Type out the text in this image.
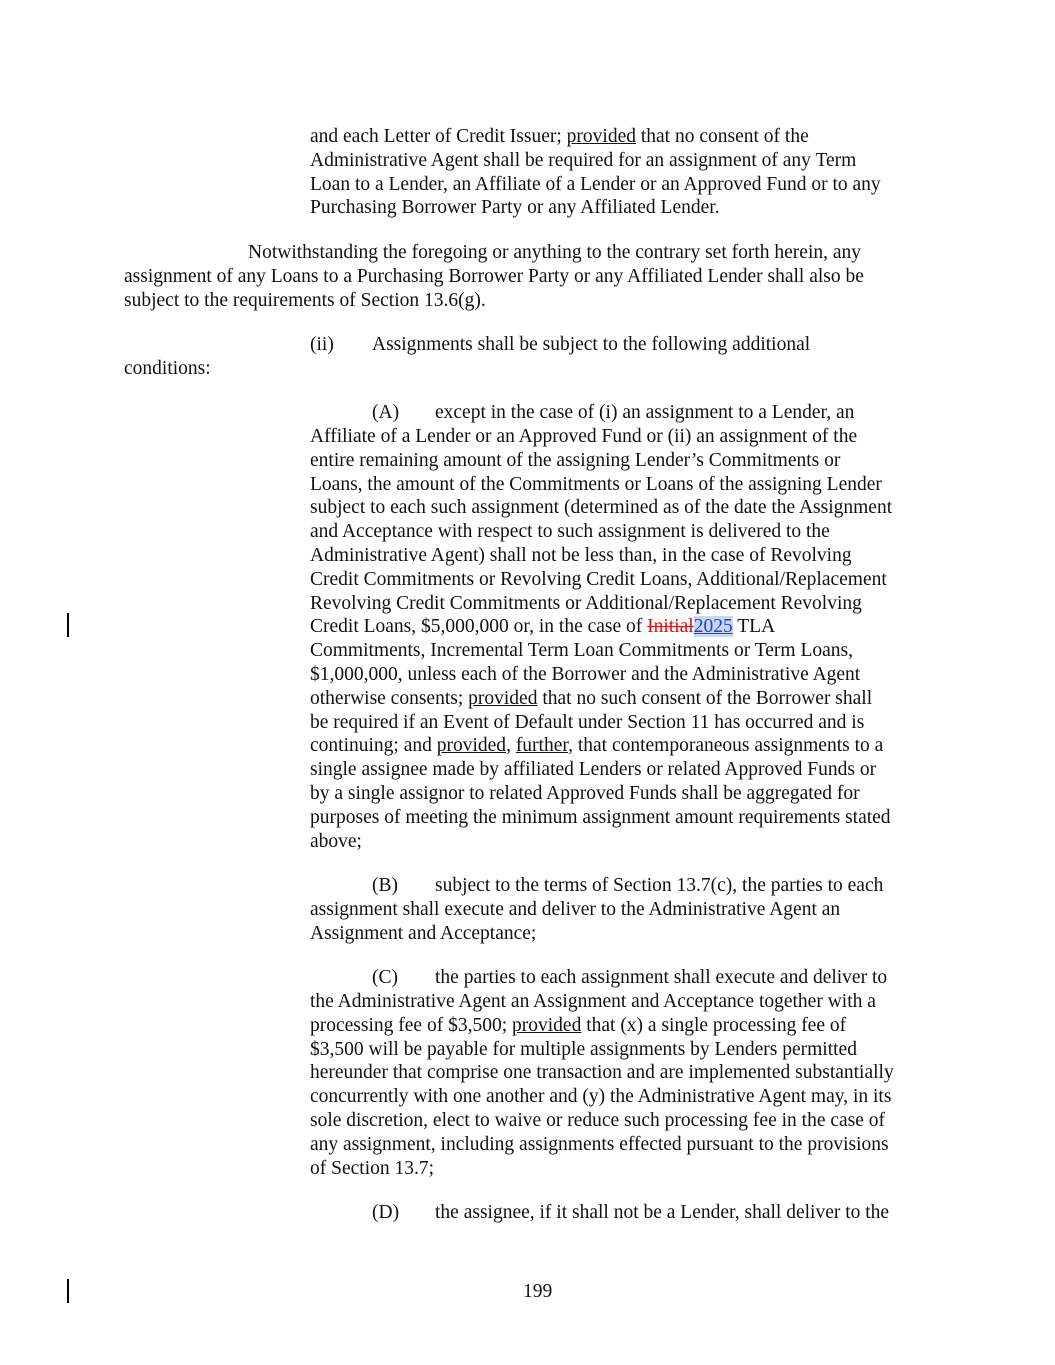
and each Letter of Credit Issuer; provided that no consent of the
Administrative Agent shall be required for an assignment of any Term
Loan to a Lender, an Affiliate of a Lender or an Approved Fund or to any
Purchasing Borrower Party or any Affiliated Lender.
Notwithstanding the foregoing or anything to the contrary set forth herein, any
assignment of any Loans to a Purchasing Borrower Party or any Affiliated Lender shall also be
subject to the requirements of Section 13.6(g).
(ii) Assignments shall be subject to the following additional
conditions:
(A) except in the case of (i) an assignment to a Lender, an
Affiliate of a Lender or an Approved Fund or (ii) an assignment of the
entire remaining amount of the assigning Lender’s Commitments or
Loans, the amount of the Commitments or Loans of the assigning Lender
subject to each such assignment (determined as of the date the Assignment
and Acceptance with respect to such assignment is delivered to the
Administrative Agent) shall not be less than, in the case of Revolving
Credit Commitments or Revolving Credit Loans, Additional/Replacement
Revolving Credit Commitments or Additional/Replacement Revolving
Credit Loans, $5,000,000 or, in the case of Initial2025 TLA
Commitments, Incremental Term Loan Commitments or Term Loans,
$1,000,000, unless each of the Borrower and the Administrative Agent
otherwise consents; provided that no such consent of the Borrower shall
be required if an Event of Default under Section 11 has occurred and is
continuing; and provided, further, that contemporaneous assignments to a
single assignee made by affiliated Lenders or related Approved Funds or
by a single assignor to related Approved Funds shall be aggregated for
purposes of meeting the minimum assignment amount requirements stated
above;
(B) subject to the terms of Section 13.7(c), the parties to each
assignment shall execute and deliver to the Administrative Agent an
Assignment and Acceptance;
(C) the parties to each assignment shall execute and deliver to
the Administrative Agent an Assignment and Acceptance together with a
processing fee of $3,500; provided that (x) a single processing fee of
$3,500 will be payable for multiple assignments by Lenders permitted
hereunder that comprise one transaction and are implemented substantially
concurrently with one another and (y) the Administrative Agent may, in its
sole discretion, elect to waive or reduce such processing fee in the case of
any assignment, including assignments effected pursuant to the provisions
of Section 13.7;
(D) the assignee, if it shall not be a Lender, shall deliver to the
199
